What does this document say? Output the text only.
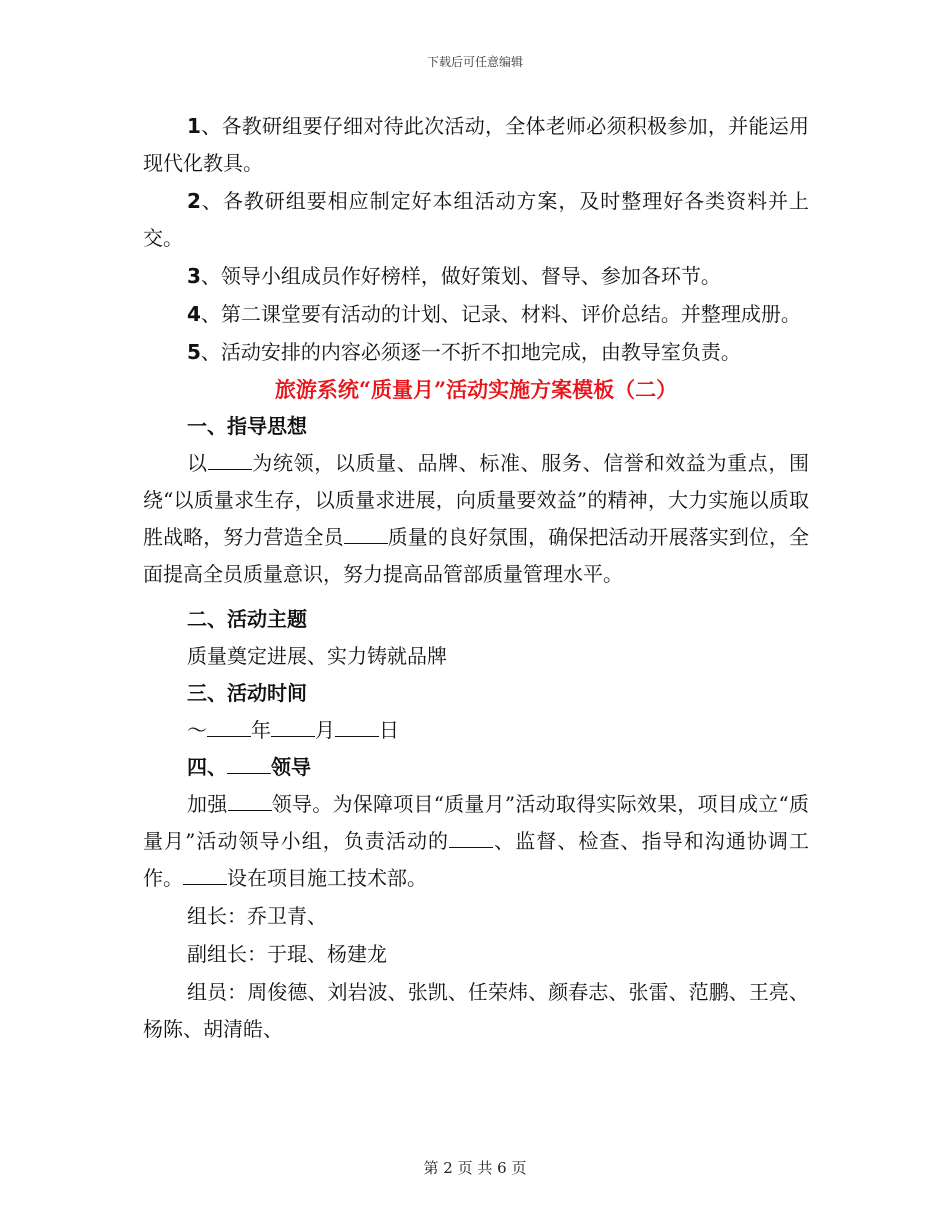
下载后可任意编辑

1、各教研组要仔细对待此次活动，全体老师必须积极参加，并能运用现代化教具。

2、各教研组要相应制定好本组活动方案，及时整理好各类资料并上交。

3、领导小组成员作好榜样，做好策划、督导、参加各环节。

4、第二课堂要有活动的计划、记录、材料、评价总结。并整理成册。

5、活动安排的内容必须逐一不折不扣地完成，由教导室负责。

旅游系统“质量月”活动实施方案模板（二）

一、指导思想

以 为统领，以质量、品牌、标准、服务、信誉和效益为重点，围绕“以质量求生存，以质量求进展，向质量要效益”的精神，大力实施以质取胜战略，努力营造全员 质量的良好氛围，确保把活动开展落实到位，全面提高全员质量意识，努力提高品管部质量管理水平。

二、活动主题

质量奠定进展、实力铸就品牌

三、活动时间

～ 年 月 日

四、 领导

加强 领导。为保障项目“质量月”活动取得实际效果，项目成立“质量月”活动领导小组，负责活动的 、监督、检查、指导和沟通协调工作。 设在项目施工技术部。

组长：乔卫青、

副组长：于琨、杨建龙

组员：周俊德、刘岩波、张凯、任荣炜、颜春志、张雷、范鹏、王亮、杨陈、胡清皓、

第 2 页 共 6 页
